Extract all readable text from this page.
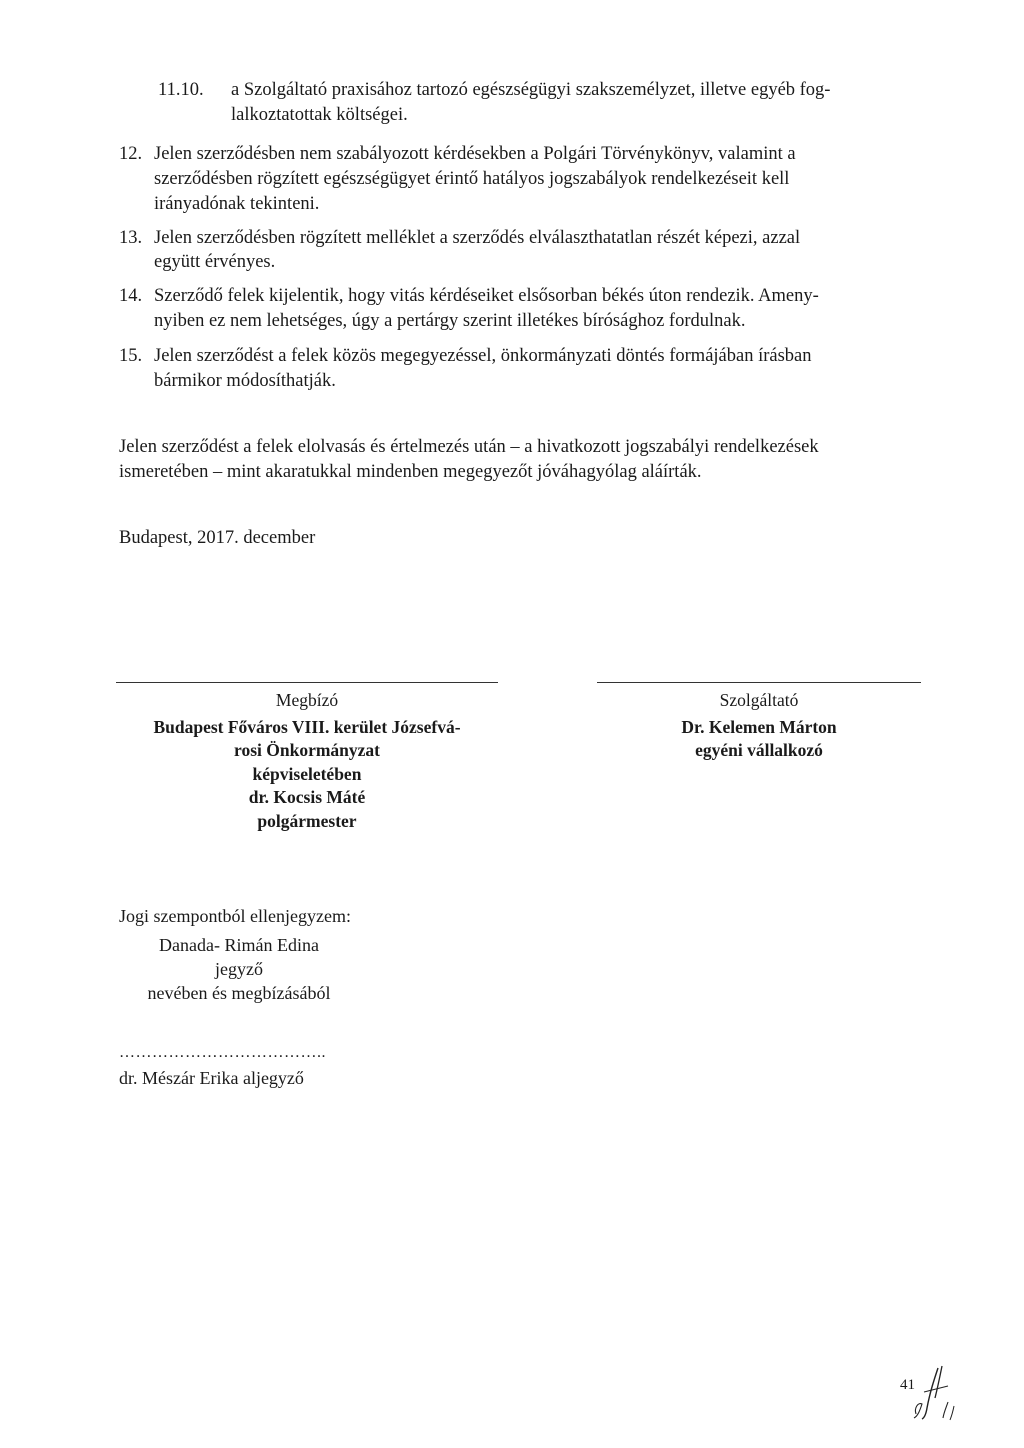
11.10. a Szolgáltató praxisához tartozó egészségügyi szakszemélyzet, illetve egyéb fog-
lalkoztatottak költségei.
12. Jelen szerződésben nem szabályozott kérdésekben a Polgári Törvénykönyv, valamint a
szerződésben rögzített egészségügyet érintő hatályos jogszabályok rendelkezéseit kell
irányadónak tekinteni.
13. Jelen szerződésben rögzített melléklet a szerződés elválaszthatatlan részét képezi, azzal
együtt érvényes.
14. Szerződő felek kijelentik, hogy vitás kérdéseiket elsősorban békés úton rendezik. Ameny-
nyiben ez nem lehetséges, úgy a pertárgy szerint illetékes bírósághoz fordulnak.
15. Jelen szerződést a felek közös megegyezéssel, önkormányzati döntés formájában írásban
bármikor módosíthatják.
Jelen szerződést a felek elolvasás és értelmezés után – a hivatkozott jogszabályi rendelkezések
ismeretében – mint akaratukkal mindenben megegyezőt jóváhagyólag aláírták.
Budapest, 2017. december
Megbízó
Budapest Főváros VIII. kerület Józsefvá-
rosi Önkormányzat
képviseletében
dr. Kocsis Máté
polgármester
Szolgáltató
Dr. Kelemen Márton
egyéni vállalkozó
Jogi szempontból ellenjegyzem:
Danada- Rimán Edina
jegyző
nevében és megbízásából
………………………………..
dr. Mészár Erika aljegyző
41
